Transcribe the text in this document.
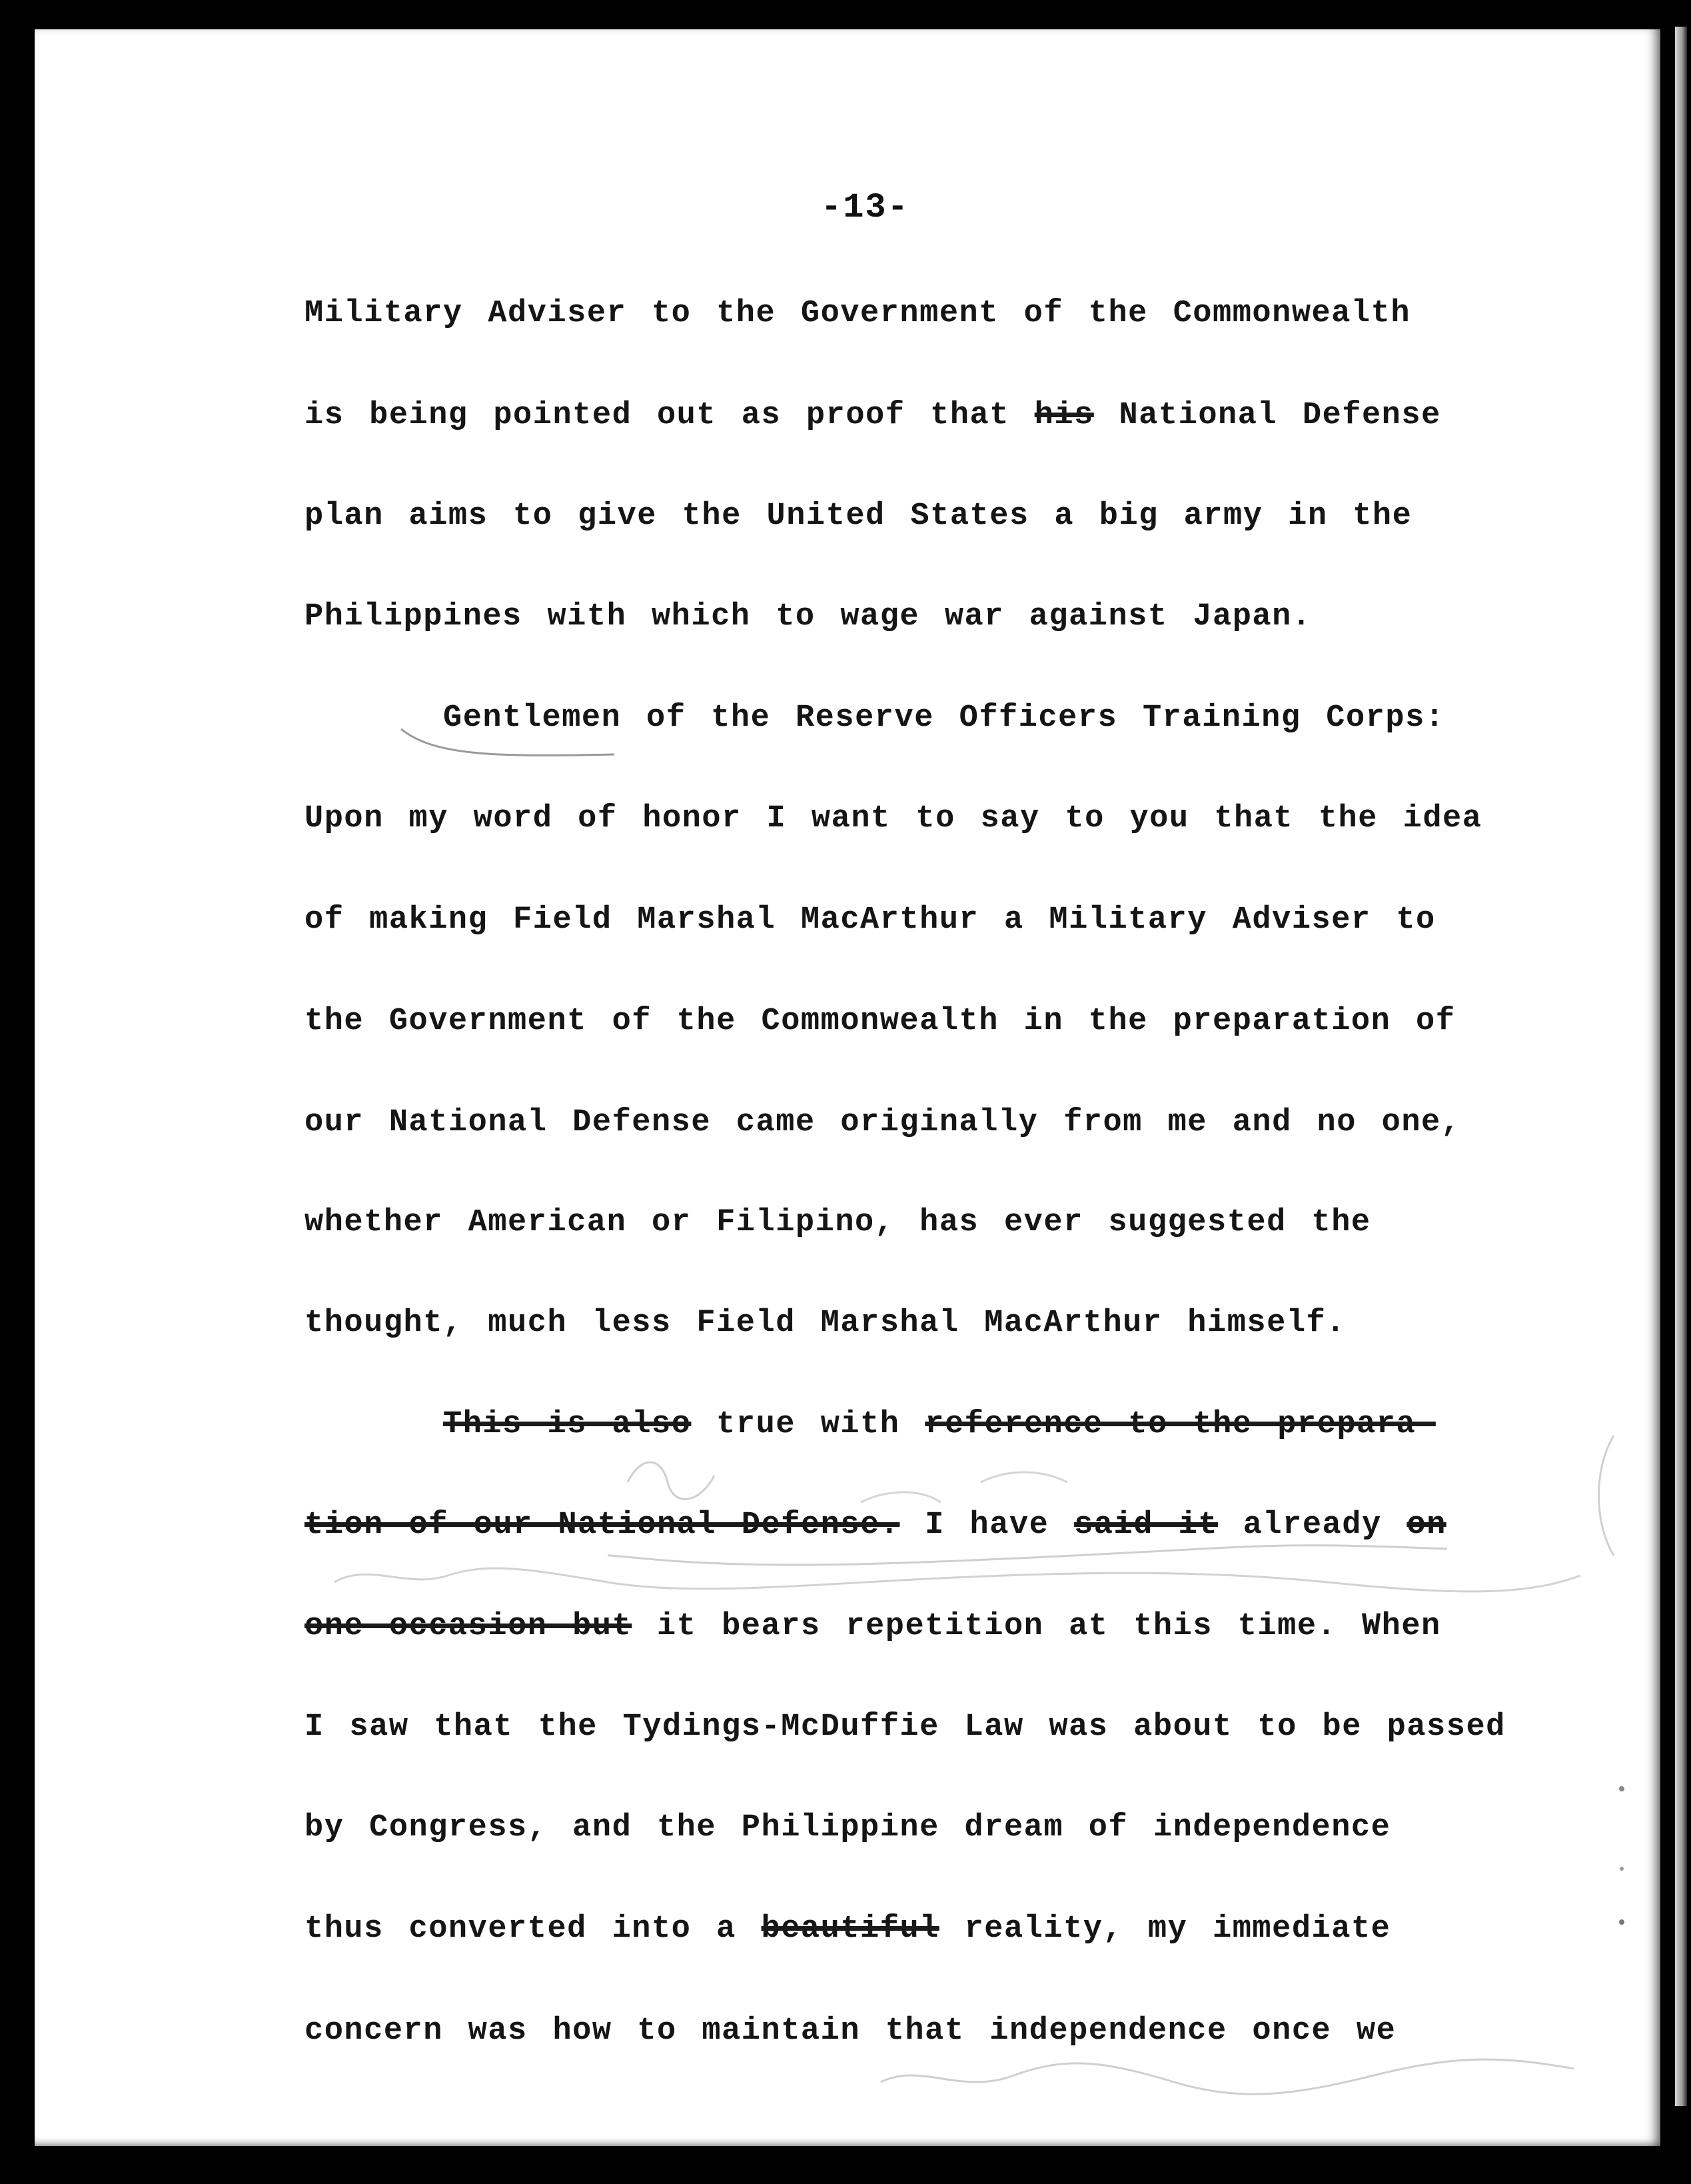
-13-
Military Adviser to the Government of the Commonwealth
is being pointed out as proof that his National Defense
plan aims to give the United States a big army in the
Philippines with which to wage war against Japan.
Gentlemen of the Reserve Officers Training Corps:
Upon my word of honor I want to say to you that the idea
of making Field Marshal MacArthur a Military Adviser to
the Government of the Commonwealth in the preparation of
our National Defense came originally from me and no one,
whether American or Filipino, has ever suggested the
thought, much less Field Marshal MacArthur himself.
This is also true with reference to the prepara-
tion of our National Defense. I have said it already on
one occasion but it bears repetition at this time. When
I saw that the Tydings-McDuffie Law was about to be passed
by Congress, and the Philippine dream of independence
thus converted into a beautiful reality, my immediate
concern was how to maintain that independence once we
